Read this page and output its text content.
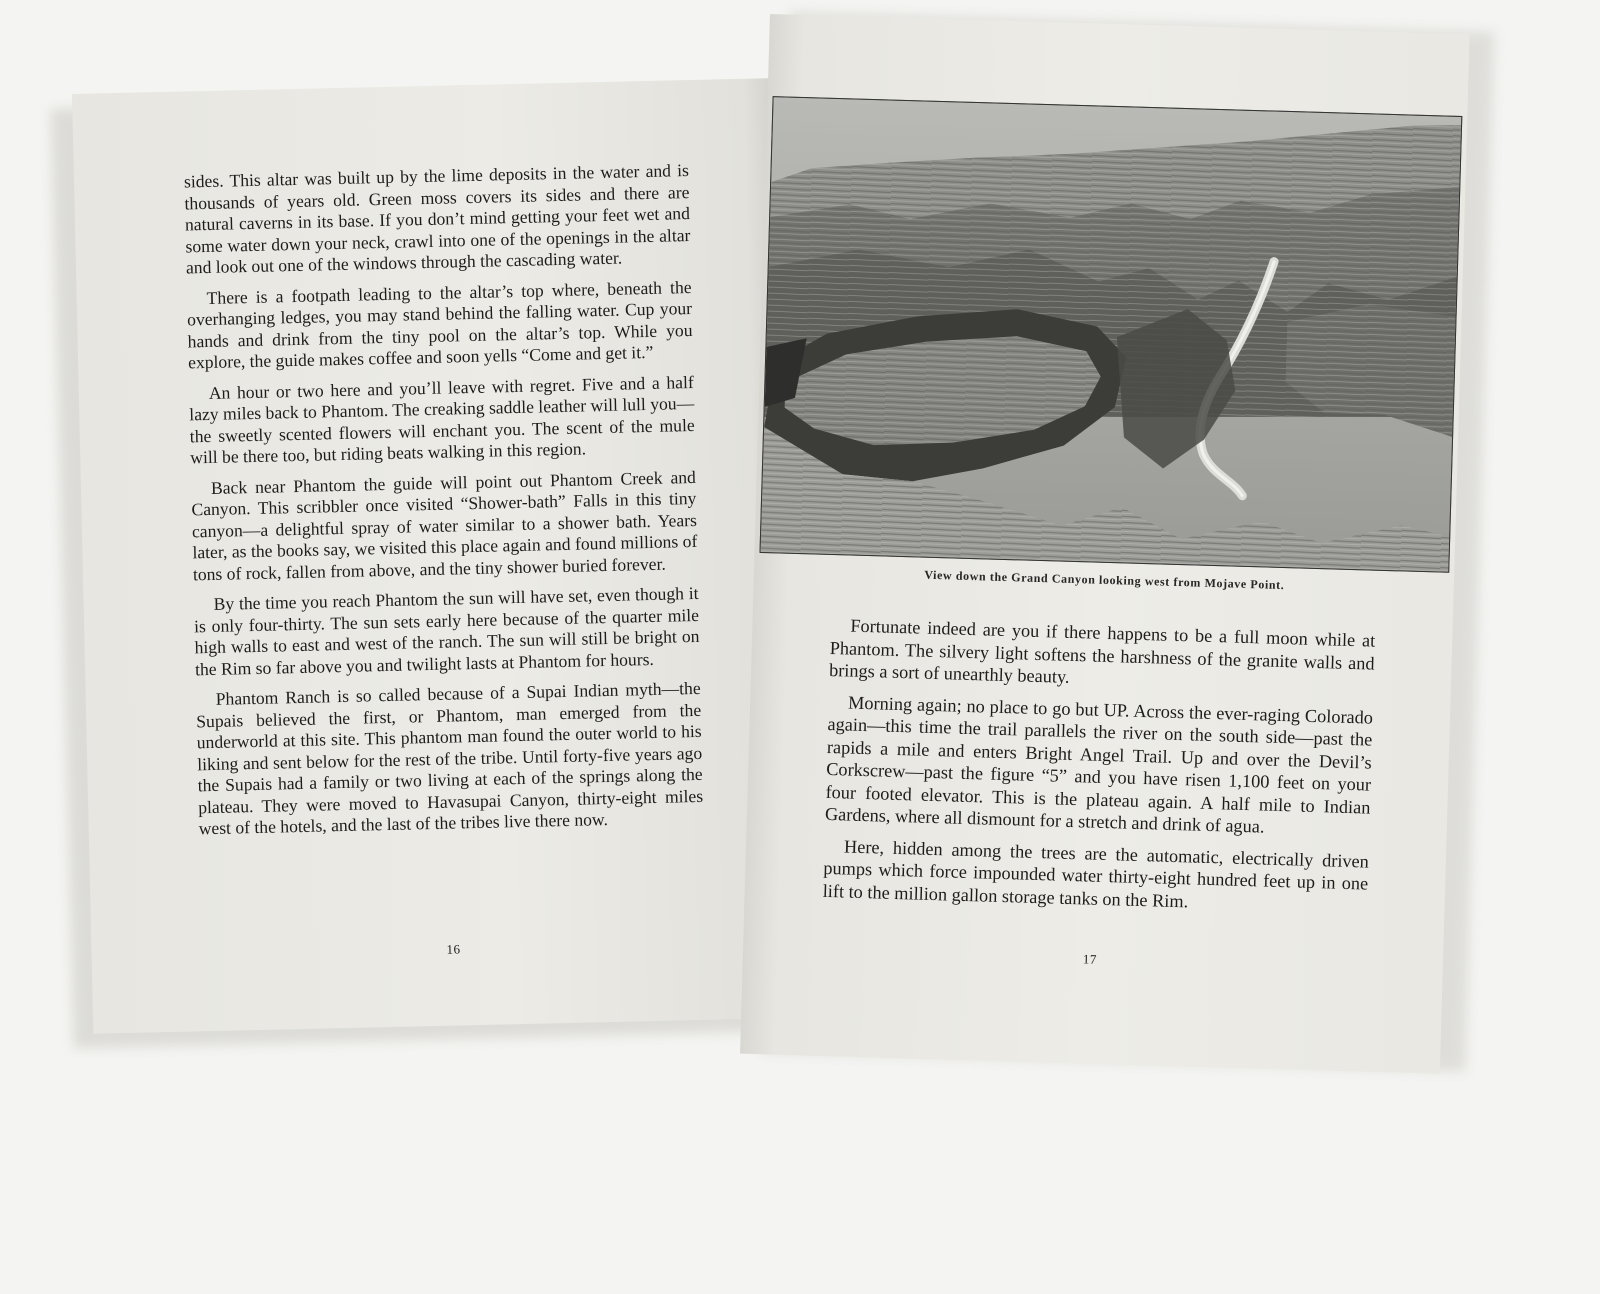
sides. This altar was built up by the lime deposits in the water and is thousands of years old. Green moss covers its sides and there are natural caverns in its base. If you don’t mind getting your feet wet and some water down your neck, crawl into one of the openings in the altar and look out one of the windows through the cascading water.

There is a footpath leading to the altar’s top where, beneath the overhanging ledges, you may stand behind the falling water. Cup your hands and drink from the tiny pool on the altar’s top. While you explore, the guide makes coffee and soon yells “Come and get it.”

An hour or two here and you’ll leave with regret. Five and a half lazy miles back to Phantom. The creaking saddle leather will lull you—the sweetly scented flowers will enchant you. The scent of the mule will be there too, but riding beats walking in this region.

Back near Phantom the guide will point out Phantom Creek and Canyon. This scribbler once visited “Shower-bath” Falls in this tiny canyon—a delightful spray of water similar to a shower bath. Years later, as the books say, we visited this place again and found millions of tons of rock, fallen from above, and the tiny shower buried forever.

By the time you reach Phantom the sun will have set, even though it is only four-thirty. The sun sets early here because of the quarter mile high walls to east and west of the ranch. The sun will still be bright on the Rim so far above you and twilight lasts at Phantom for hours.

Phantom Ranch is so called because of a Supai Indian myth—the Supais believed the first, or Phantom, man emerged from the underworld at this site. This phantom man found the outer world to his liking and sent below for the rest of the tribe. Until forty-five years ago the Supais had a family or two living at each of the springs along the plateau. They were moved to Havasupai Canyon, thirty-eight miles west of the hotels, and the last of the tribes live there now.

16
View down the Grand Canyon looking west from Mojave Point.

Fortunate indeed are you if there happens to be a full moon while at Phantom. The silvery light softens the harshness of the granite walls and brings a sort of unearthly beauty.

Morning again; no place to go but UP. Across the ever-raging Colorado again—this time the trail parallels the river on the south side—past the rapids a mile and enters Bright Angel Trail. Up and over the Devil’s Corkscrew—past the figure “5” and you have risen 1,100 feet on your four footed elevator. This is the plateau again. A half mile to Indian Gardens, where all dismount for a stretch and drink of agua.

Here, hidden among the trees are the automatic, electrically driven pumps which force impounded water thirty-eight hundred feet up in one lift to the million gallon storage tanks on the Rim.

17
